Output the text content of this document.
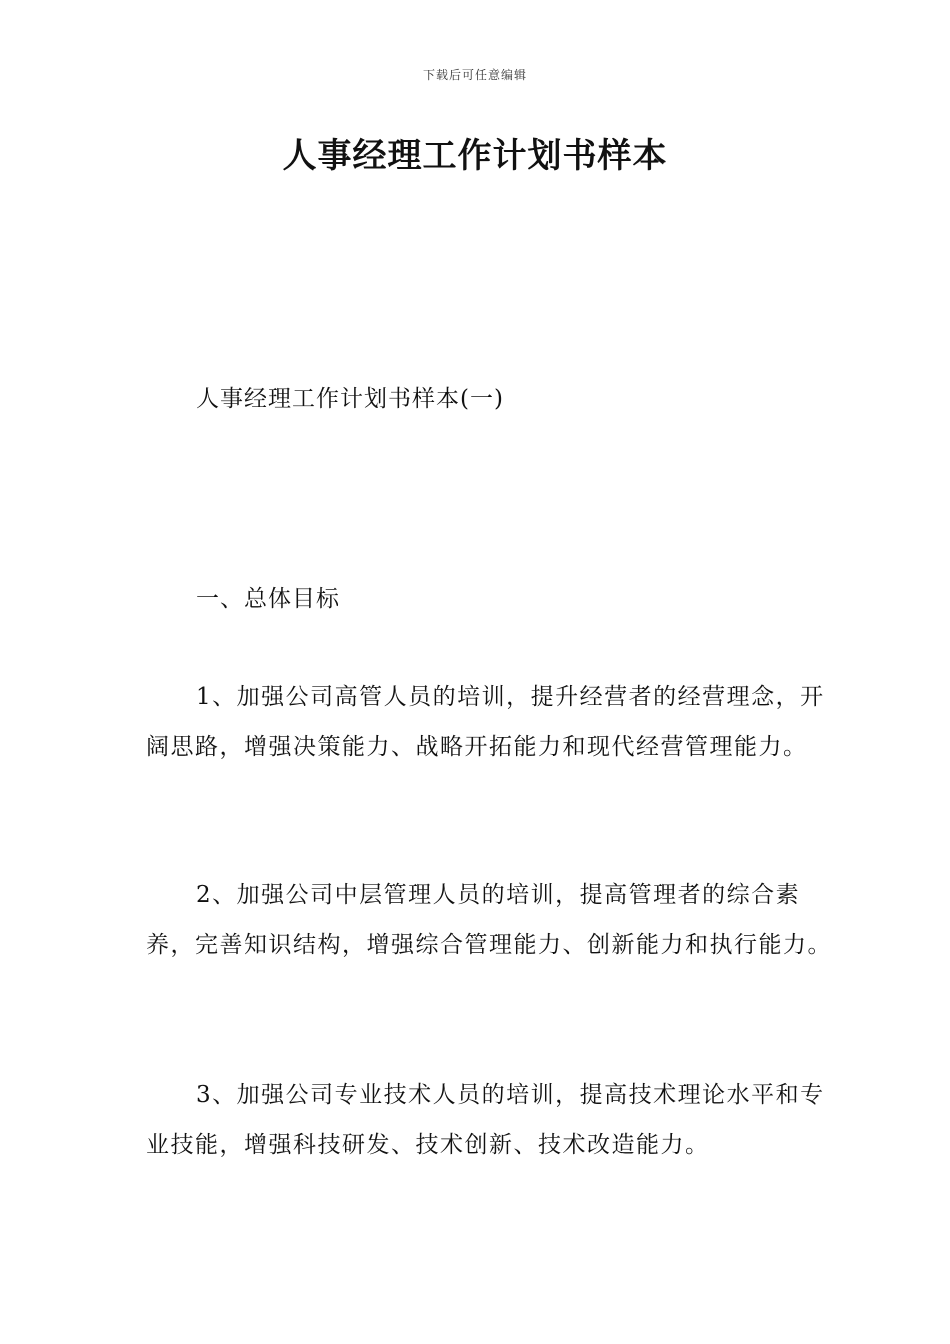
下载后可任意编辑
人事经理工作计划书样本
人事经理工作计划书样本(一)
一、总体目标

1、加强公司高管人员的培训，提升经营者的经营理念，开阔思路，增强决策能力、战略开拓能力和现代经营管理能力。

2、加强公司中层管理人员的培训，提高管理者的综合素养，完善知识结构，增强综合管理能力、创新能力和执行能力。

3、加强公司专业技术人员的培训，提高技术理论水平和专业技能，增强科技研发、技术创新、技术改造能力。
